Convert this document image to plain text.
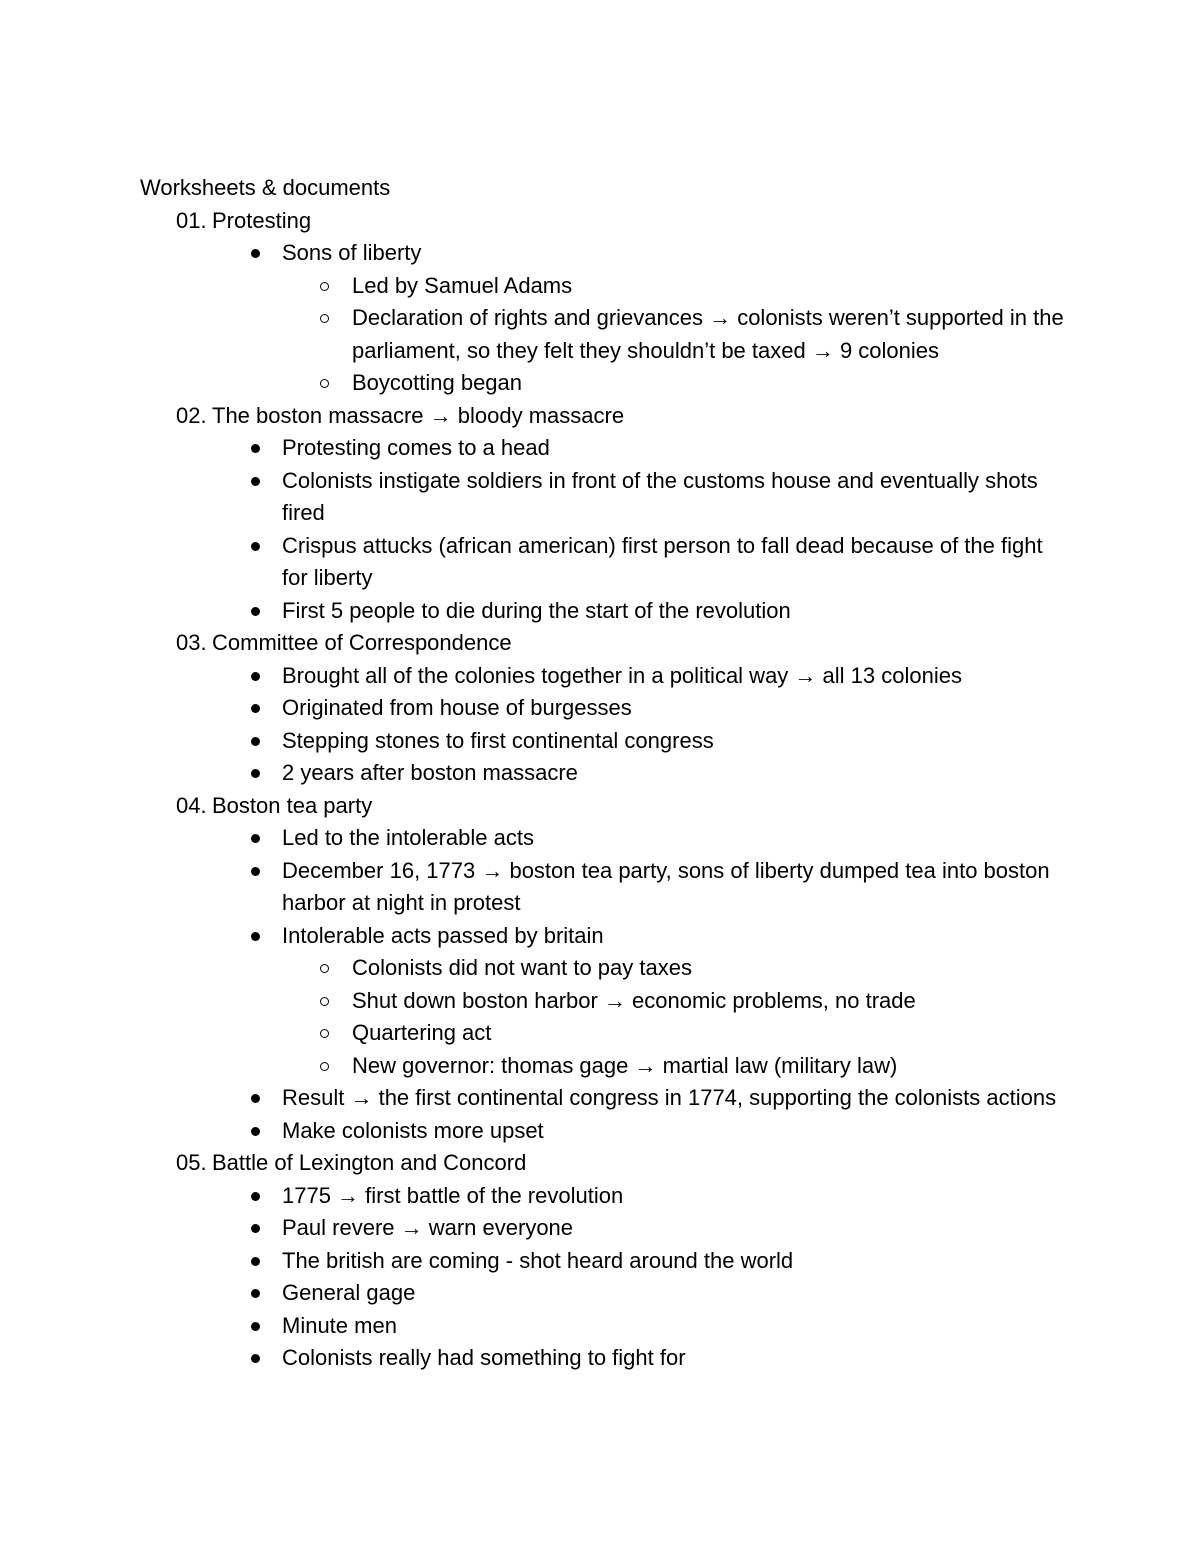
Worksheets & documents
01. Protesting
Sons of liberty
Led by Samuel Adams
Declaration of rights and grievances → colonists weren’t supported in the parliament, so they felt they shouldn’t be taxed → 9 colonies
Boycotting began
02. The boston massacre → bloody massacre
Protesting comes to a head
Colonists instigate soldiers in front of the customs house and eventually shots fired
Crispus attucks (african american) first person to fall dead because of the fight for liberty
First 5 people to die during the start of the revolution
03. Committee of Correspondence
Brought all of the colonies together in a political way → all 13 colonies
Originated from house of burgesses
Stepping stones to first continental congress
2 years after boston massacre
04. Boston tea party
Led to the intolerable acts
December 16, 1773 → boston tea party, sons of liberty dumped tea into boston harbor at night in protest
Intolerable acts passed by britain
Colonists did not want to pay taxes
Shut down boston harbor → economic problems, no trade
Quartering act
New governor: thomas gage → martial law (military law)
Result → the first continental congress in 1774, supporting the colonists actions
Make colonists more upset
05. Battle of Lexington and Concord
1775 → first battle of the revolution
Paul revere → warn everyone
The british are coming - shot heard around the world
General gage
Minute men
Colonists really had something to fight for
